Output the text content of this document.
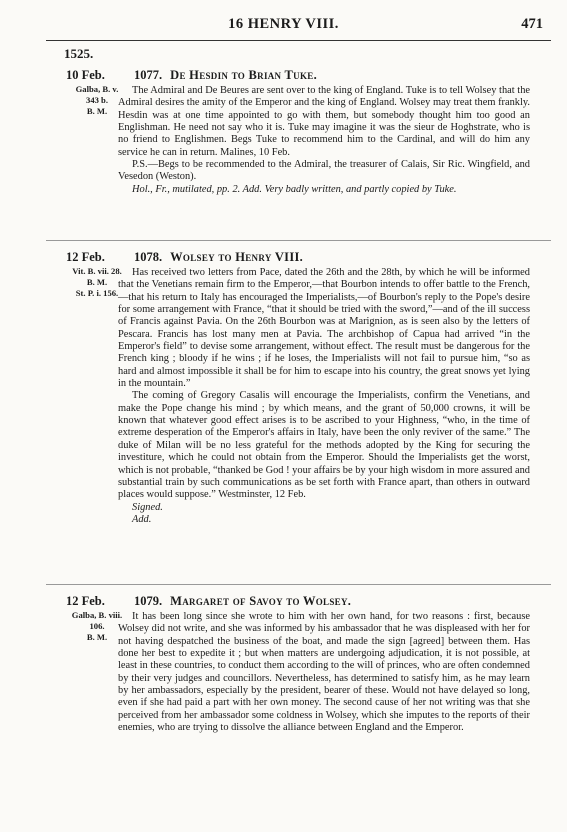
16 HENRY VIII.	471
1525.
10 Feb.
Galba, B. v.
343 b.
B. M.
1077. De Hesdin to Brian Tuke.

The Admiral and De Beures are sent over to the king of England. Tuke is to tell Wolsey that the Admiral desires the amity of the Emperor and the king of England. Wolsey may treat them frankly. Hesdin was at one time appointed to go with them, but somebody thought him too good an Englishman. He need not say who it is. Tuke may imagine it was the sieur de Hoghstrate, who is no friend to Englishmen. Begs Tuke to recommend him to the Cardinal, and will do him any service he can in return. Malines, 10 Feb.

P.S.—Begs to be recommended to the Admiral, the treasurer of Calais, Sir Ric. Wingfield, and Vesedon (Weston).

Hol., Fr., mutilated, pp. 2. Add. Very badly written, and partly copied by Tuke.

12 Feb.
Vit. B. vii. 28.
B. M.
St. P. i. 156.
1078. Wolsey to Henry VIII.

Has received two letters from Pace, dated the 26th and the 28th, by which he will be informed that the Venetians remain firm to the Emperor,—that Bourbon intends to offer battle to the French,—that his return to Italy has encouraged the Imperialists,—of Bourbon's reply to the Pope's desire for some arrangement with France, “that it should be tried with the sword,”—and of the ill success of Francis against Pavia. On the 26th Bourbon was at Marignion, as is seen also by the letters of Pescara. Francis has lost many men at Pavia. The archbishop of Capua had arrived “in the Emperor's field” to devise some arrangement, without effect. The result must be dangerous for the French king ; bloody if he wins ; if he loses, the Imperialists will not fail to pursue him, “so as hard and almost impossible it shall be for him to escape into his country, the great snows yet lying in the mountain.”

The coming of Gregory Casalis will encourage the Imperialists, confirm the Venetians, and make the Pope change his mind ; by which means, and the grant of 50,000 crowns, it will be known that whatever good effect arises is to be ascribed to your Highness, “who, in the time of extreme desperation of the Emperor's affairs in Italy, have been the only reviver of the same.” The duke of Milan will be no less grateful for the methods adopted by the King for securing the investiture, which he could not obtain from the Emperor. Should the Imperialists get the worst, which is not probable, “thanked be God ! your affairs be by your high wisdom in more assured and substantial train by such communications as be set forth with France apart, than others in outward places would suppose.” Westminster, 12 Feb.

Signed.

Add.

12 Feb.
Galba, B. viii.
106.
B. M.
1079. Margaret of Savoy to Wolsey.

It has been long since she wrote to him with her own hand, for two reasons : first, because Wolsey did not write, and she was informed by his ambassador that he was displeased with her for not having despatched the business of the boat, and made the sign [agreed] between them. Has done her best to expedite it ; but when matters are undergoing adjudication, it is not possible, at least in these countries, to conduct them according to the will of princes, who are often condemned by their very judges and councillors. Nevertheless, has determined to satisfy him, as he may learn by her ambassadors, especially by the president, bearer of these. Would not have delayed so long, even if she had paid a part with her own money. The second cause of her not writing was that she perceived from her ambassador some coldness in Wolsey, which she imputes to the reports of their enemies, who are trying to dissolve the alliance between England and the Emperor.
